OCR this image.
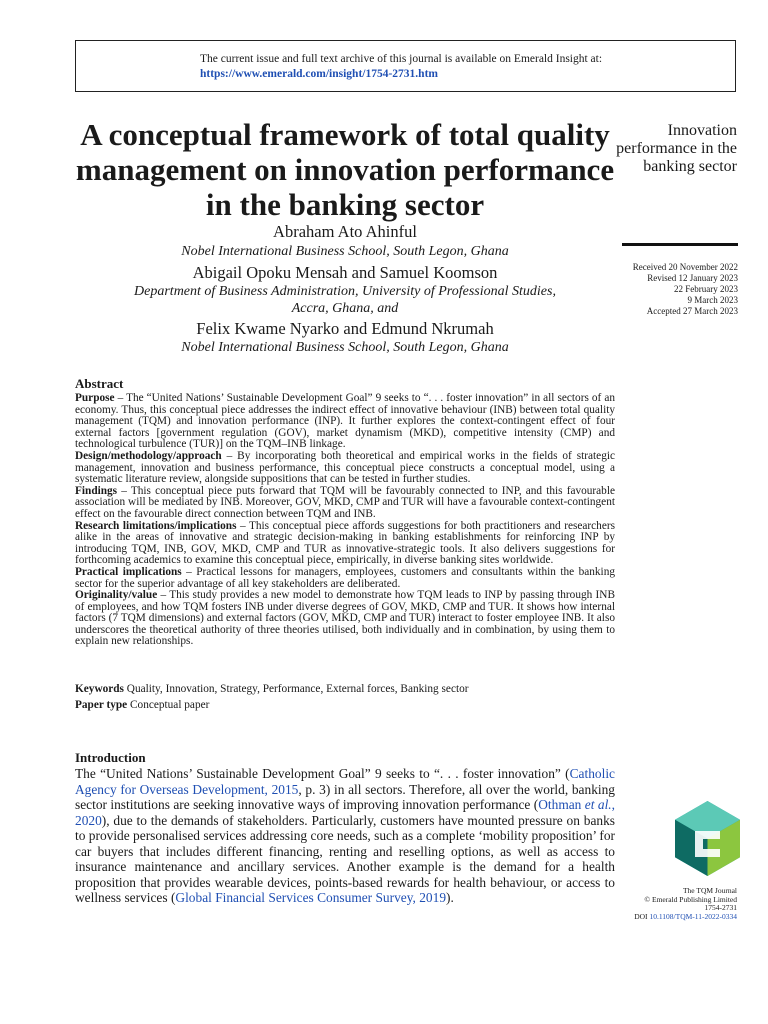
The current issue and full text archive of this journal is available on Emerald Insight at:
https://www.emerald.com/insight/1754-2731.htm
A conceptual framework of total quality management on innovation performance in the banking sector
Innovation performance in the banking sector
Received 20 November 2022
Revised 12 January 2023
22 February 2023
9 March 2023
Accepted 27 March 2023
Abraham Ato Ahinful
Nobel International Business School, South Legon, Ghana
Abigail Opoku Mensah and Samuel Koomson
Department of Business Administration, University of Professional Studies,
Accra, Ghana, and
Felix Kwame Nyarko and Edmund Nkrumah
Nobel International Business School, South Legon, Ghana
Abstract

Purpose – The “United Nations’ Sustainable Development Goal” 9 seeks to “. . . foster innovation” in all sectors of an economy. Thus, this conceptual piece addresses the indirect effect of innovative behaviour (INB) between total quality management (TQM) and innovation performance (INP). It further explores the context-contingent effect of four external factors [government regulation (GOV), market dynamism (MKD), competitive intensity (CMP) and technological turbulence (TUR)] on the TQM–INB linkage.

Design/methodology/approach – By incorporating both theoretical and empirical works in the fields of strategic management, innovation and business performance, this conceptual piece constructs a conceptual model, using a systematic literature review, alongside suppositions that can be tested in further studies.

Findings – This conceptual piece puts forward that TQM will be favourably connected to INP, and this favourable association will be mediated by INB. Moreover, GOV, MKD, CMP and TUR will have a favourable context-contingent effect on the favourable direct connection between TQM and INB.

Research limitations/implications – This conceptual piece affords suggestions for both practitioners and researchers alike in the areas of innovative and strategic decision-making in banking establishments for reinforcing INP by introducing TQM, INB, GOV, MKD, CMP and TUR as innovative-strategic tools. It also delivers suggestions for forthcoming academics to examine this conceptual piece, empirically, in diverse banking sites worldwide.

Practical implications – Practical lessons for managers, employees, customers and consultants within the banking sector for the superior advantage of all key stakeholders are deliberated.

Originality/value – This study provides a new model to demonstrate how TQM leads to INP by passing through INB of employees, and how TQM fosters INB under diverse degrees of GOV, MKD, CMP and TUR. It shows how internal factors (7 TQM dimensions) and external factors (GOV, MKD, CMP and TUR) interact to foster employee INB. It also underscores the theoretical authority of three theories utilised, both individually and in combination, by using them to explain new relationships.

Keywords Quality, Innovation, Strategy, Performance, External forces, Banking sector
Paper type Conceptual paper
Introduction
The “United Nations’ Sustainable Development Goal” 9 seeks to “. . . foster innovation” (Catholic Agency for Overseas Development, 2015, p. 3) in all sectors. Therefore, all over the world, banking sector institutions are seeking innovative ways of improving innovation performance (Othman et al., 2020), due to the demands of stakeholders. Particularly, customers have mounted pressure on banks to provide personalised services addressing core needs, such as a complete ‘mobility proposition’ for car buyers that includes different financing, renting and reselling options, as well as access to insurance maintenance and ancillary services. Another example is the demand for a health proposition that provides wearable devices, points-based rewards for health behaviour, or access to wellness services (Global Financial Services Consumer Survey, 2019).	The TQM Journal
© Emerald Publishing Limited
1754-2731
DOI 10.1108/TQM-11-2022-0334
